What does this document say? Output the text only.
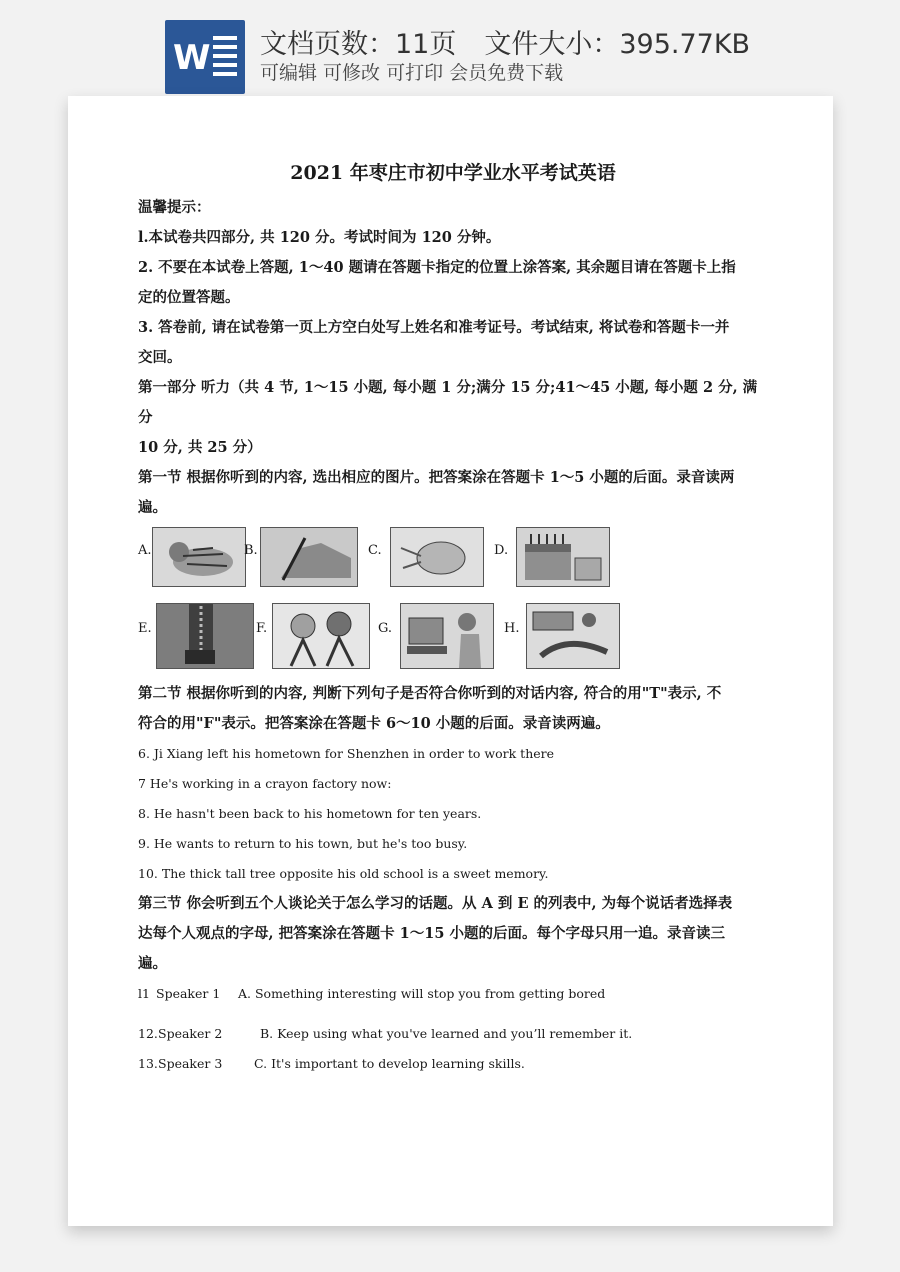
W 文档页数：11页 文件大小：395.77KB
可编辑 可修改 可打印 会员免费下载
2021 年枣庄市初中学业水平考试英语
温馨提示：
l.本试卷共四部分, 共 120 分。考试时间为 120 分钟。
2. 不要在本试卷上答题, 1～40 题请在答题卡指定的位置上涂答案, 其余题目请在答题卡上指
定的位置答题。
3. 答卷前, 请在试卷第一页上方空白处写上姓名和准考证号。考试结束, 将试卷和答题卡一并
交回。
第一部分 听力（共 4 节, 1～15 小题, 每小题 1 分;满分 15 分;41～45 小题, 每小题 2 分, 满分
10 分, 共 25 分）
第一节 根据你听到的内容, 选出相应的图片。把答案涂在答题卡 1～5 小题的后面。录音读两
遍。
A.	B.	C.	D.
E.	F.	G.	H.
第二节 根据你听到的内容, 判断下列句子是否符合你听到的对话内容, 符合的用"T"表示, 不
符合的用"F"表示。把答案涂在答题卡 6～10 小题的后面。录音读两遍。
6. Ji Xiang left his hometown for Shenzhen in order to work there
7 He's working in a crayon factory now:
8. He hasn't been back to his hometown for ten years.
9. He wants to return to his town, but he's too busy.
10. The thick tall tree opposite his old school is a sweet memory.
第三节 你会听到五个人谈论关于怎么学习的话题。从 A 到 E 的列表中, 为每个说话者选择表
达每个人观点的字母, 把答案涂在答题卡 1～15 小题的后面。每个字母只用一追。录音读三
遍。
l1 Speaker 1 A. Something interesting will stop you from getting bored
12. Speaker 2	B. Keep using what you've learned and you’ll remember it.
13. Speaker 3	C. It's important to develop learning skills.
